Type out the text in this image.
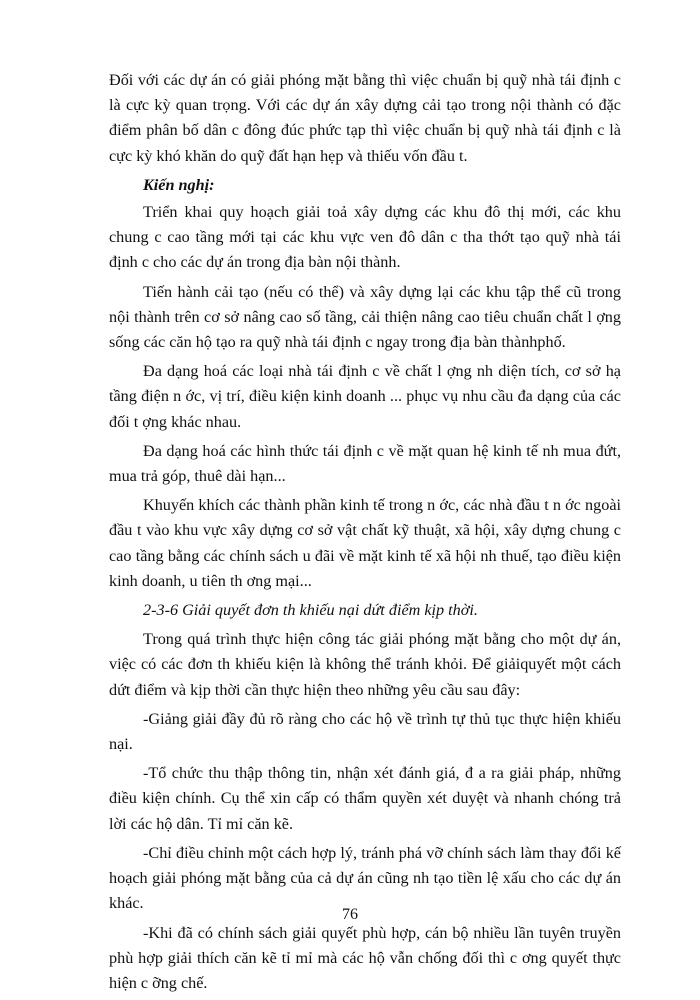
Đối với các dự án có giải phóng mặt bằng thì việc chuẩn bị quỹ nhà tái định c là cực kỳ quan trọng. Với các dự án xây dựng cải tạo trong nội thành có đặc điểm phân bố dân c đông đúc phức tạp thì việc chuẩn bị quỹ nhà tái định c là cực kỳ khó khăn do quỹ đất hạn hẹp và thiếu vốn đầu t.

Kiến nghị:

Triển khai quy hoạch giải toả xây dựng các khu đô thị mới, các khu chung c cao tầng mới tại các khu vực ven đô dân c tha thớt tạo quỹ nhà tái định c cho các dự án trong địa bàn nội thành.

Tiến hành cải tạo (nếu có thể) và xây dựng lại các khu tập thể cũ trong nội thành trên cơ sở nâng cao số tầng, cải thiện nâng cao tiêu chuẩn chất l ợng sống các căn hộ tạo ra quỹ nhà tái định c ngay trong địa bàn thànhphố.

Đa dạng hoá các loại nhà tái định c về chất l ợng nh diện tích, cơ sở hạ tầng điện n ớc, vị trí, điều kiện kinh doanh ... phục vụ nhu cầu đa dạng của các đối t ợng khác nhau.

Đa dạng hoá các hình thức tái định c về mặt quan hệ kinh tế nh mua đứt, mua trả góp, thuê dài hạn...

Khuyến khích các thành phần kinh tế trong n ớc, các nhà đầu t n ớc ngoài đầu t vào khu vực xây dựng cơ sở vật chất kỹ thuật, xã hội, xây dựng chung c cao tầng bằng các chính sách u đãi về mặt kinh tế xã hội nh thuế, tạo điều kiện kinh doanh, u tiên th ơng mại...

2-3-6 Giải quyết đơn th khiếu nại dứt điểm kịp thời.

Trong quá trình thực hiện công tác giải phóng mặt bằng cho một dự án, việc có các đơn th khiếu kiện là không thể tránh khỏi. Để giảiquyết một cách dứt điểm và kịp thời cần thực hiện theo những yêu cầu sau đây:

-Giảng giải đầy đủ rõ ràng cho các hộ về trình tự thủ tục thực hiện khiếu nại.

-Tổ chức thu thập thông tin, nhận xét đánh giá, đ a ra giải pháp, những điều kiện chính. Cụ thể xin cấp có thẩm quyền xét duyệt và nhanh chóng trả lời các hộ dân. Tỉ mỉ căn kẽ.

-Chỉ điều chỉnh một cách hợp lý, tránh phá vỡ chính sách làm thay đổi kế hoạch giải phóng mặt bằng của cả dự án cũng nh tạo tiền lệ xấu cho các dự án khác.

-Khi đã có chính sách giải quyết phù hợp, cán bộ nhiều lần tuyên truyền phù hợp giải thích căn kẽ tỉ mỉ mà các hộ vẫn chống đối thì c ơng quyết thực hiện c ỡng chế.

76
